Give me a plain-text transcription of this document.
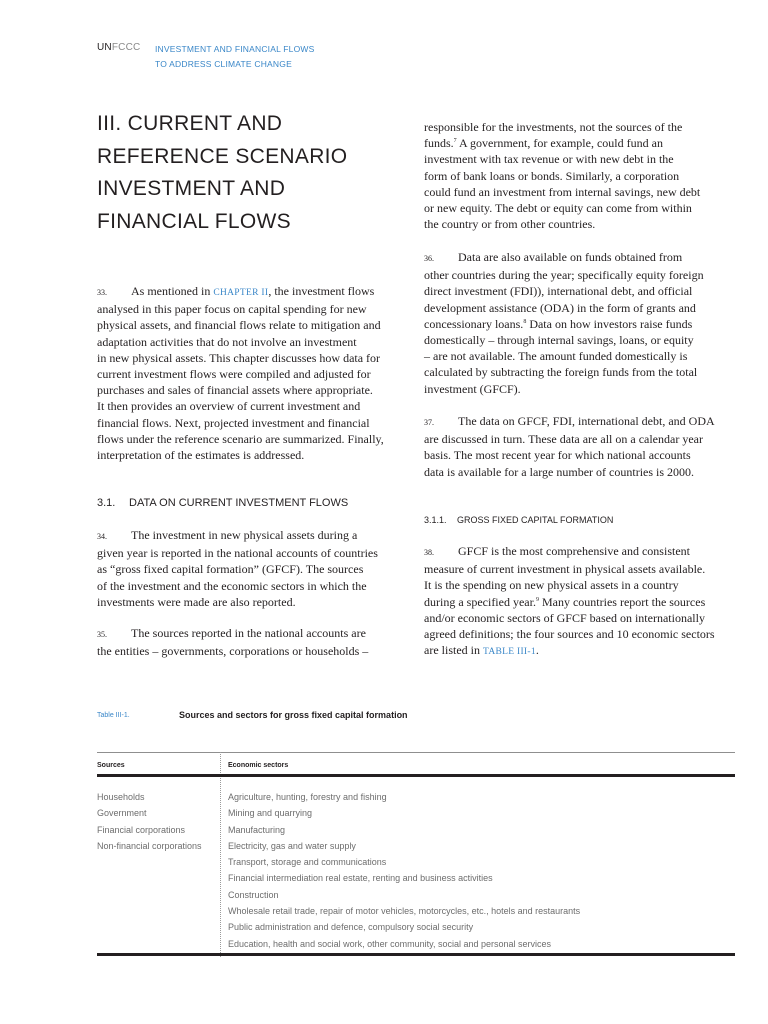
UNFCCC INVESTMENT AND FINANCIAL FLOWS
TO ADDRESS CLIMATE CHANGE
III. CURRENT AND
REFERENCE SCENARIO
INVESTMENT AND
FINANCIAL FLOWS
33. As mentioned in CHAPTER II, the investment flows
analysed in this paper focus on capital spending for new
physical assets, and financial flows relate to mitigation and
adaptation activities that do not involve an investment
in new physical assets. This chapter discusses how data for
current investment flows were compiled and adjusted for
purchases and sales of financial assets where appropriate.
It then provides an overview of current investment and
financial flows. Next, projected investment and financial
flows under the reference scenario are summarized. Finally,
interpretation of the estimates is addressed.
3.1. DATA ON CURRENT INVESTMENT FLOWS
34. The investment in new physical assets during a
given year is reported in the national accounts of countries
as “gross fixed capital formation” (GFCF). The sources
of the investment and the economic sectors in which the
investments were made are also reported.
35. The sources reported in the national accounts are
the entities – governments, corporations or households –
responsible for the investments, not the sources of the
funds.$^7$ A government, for example, could fund an
investment with tax revenue or with new debt in the
form of bank loans or bonds. Similarly, a corporation
could fund an investment from internal savings, new debt
or new equity. The debt or equity can come from within
the country or from other countries.
36. Data are also available on funds obtained from
other countries during the year; specifically equity foreign
direct investment (FDI)), international debt, and official
development assistance (ODA) in the form of grants and
concessionary loans.$^8$ Data on how investors raise funds
domestically – through internal savings, loans, or equity
– are not available. The amount funded domestically is
calculated by subtracting the foreign funds from the total
investment (GFCF).
37. The data on GFCF, FDI, international debt, and ODA
are discussed in turn. These data are all on a calendar year
basis. The most recent year for which national accounts
data is available for a large number of countries is 2000.
3.1.1. GROSS FIXED CAPITAL FORMATION
38. GFCF is the most comprehensive and consistent
measure of current investment in physical assets available.
It is the spending on new physical assets in a country
during a specified year.$^9$ Many countries report the sources
and/or economic sectors of GFCF based on internationally
agreed definitions; the four sources and 10 economic sectors
are listed in TABLE III-1.
Table III-1.	Sources and sectors for gross fixed capital formation
Sources	Economic sectors
Households
Government
Financial corporations
Non-financial corporations
Agriculture, hunting, forestry and fishing
Mining and quarrying
Manufacturing
Electricity, gas and water supply
Transport, storage and communications
Financial intermediation real estate, renting and business activities
Construction
Wholesale retail trade, repair of motor vehicles, motorcycles, etc., hotels and restaurants
Public administration and defence, compulsory social security
Education, health and social work, other community, social and personal services
